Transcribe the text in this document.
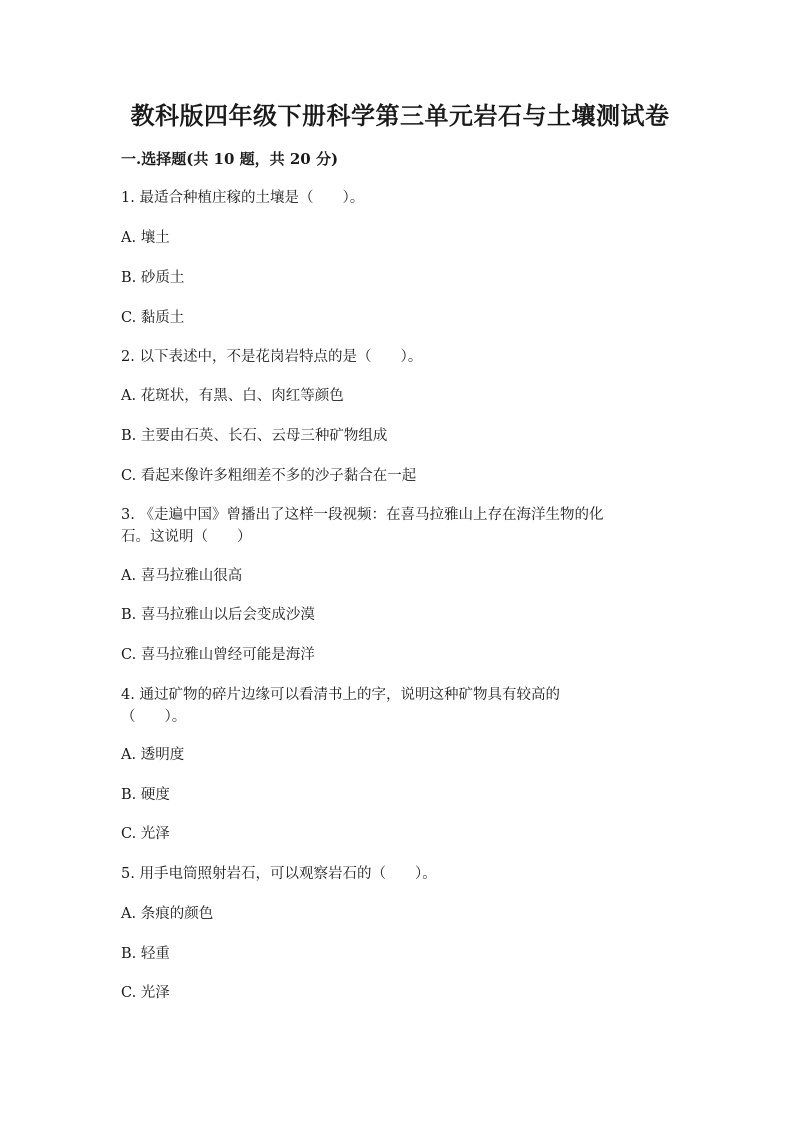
教科版四年级下册科学第三单元岩石与土壤测试卷
一.选择题(共 10 题，共 20 分)
1. 最适合种植庄稼的土壤是（　　）。
A. 壤土
B. 砂质土
C. 黏质土
2. 以下表述中，不是花岗岩特点的是（　　）。
A. 花斑状，有黑、白、肉红等颜色
B. 主要由石英、长石、云母三种矿物组成
C. 看起来像许多粗细差不多的沙子黏合在一起
3. 《走遍中国》曾播出了这样一段视频：在喜马拉雅山上存在海洋生物的化
石。这说明（　　）
A. 喜马拉雅山很高
B. 喜马拉雅山以后会变成沙漠
C. 喜马拉雅山曾经可能是海洋
4. 通过矿物的碎片边缘可以看清书上的字，说明这种矿物具有较高的
（　　）。
A. 透明度
B. 硬度
C. 光泽
5. 用手电筒照射岩石，可以观察岩石的（　　）。
A. 条痕的颜色
B. 轻重
C. 光泽
